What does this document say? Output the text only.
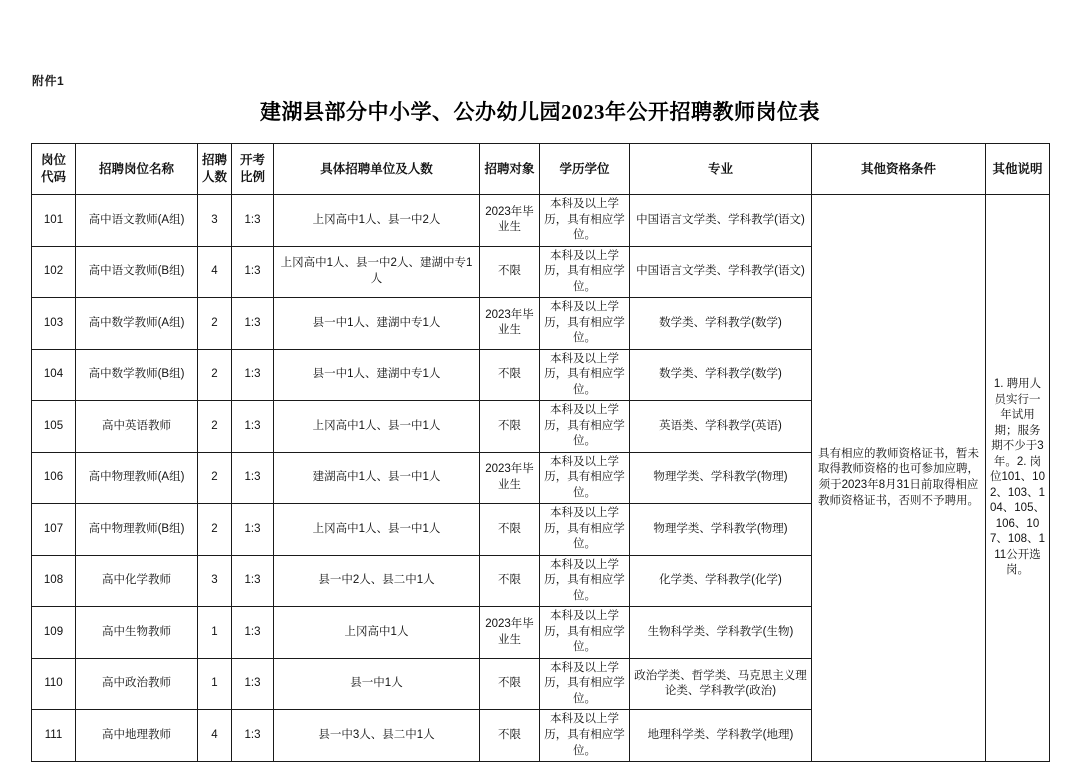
附件1
建湖县部分中小学、公办幼儿园2023年公开招聘教师岗位表
岗位代码	招聘岗位名称	招聘人数	开考比例	具体招聘单位及人数	招聘对象	学历学位	专业	其他资格条件	其他说明
101	高中语文教师(A组)	3	1:3	上冈高中1人、县一中2人	2023年毕业生	本科及以上学历，具有相应学位。	中国语言文学类、学科教学(语文)	具有相应的教师资格证书，暂未取得教师资格的也可参加应聘，须于2023年8月31日前取得相应教师资格证书，否则不予聘用。	1. 聘用人员实行一年试用期；服务期不少于3年。2. 岗位101、102、103、104、105、106、107、108、111公开选岗。
102	高中语文教师(B组)	4	1:3	上冈高中1人、县一中2人、建湖中专1人	不限	本科及以上学历，具有相应学位。	中国语言文学类、学科教学(语文)		
103	高中数学教师(A组)	2	1:3	县一中1人、建湖中专1人	2023年毕业生	本科及以上学历，具有相应学位。	数学类、学科教学(数学)		
104	高中数学教师(B组)	2	1:3	县一中1人、建湖中专1人	不限	本科及以上学历，具有相应学位。	数学类、学科教学(数学)		
105	高中英语教师	2	1:3	上冈高中1人、县一中1人	不限	本科及以上学历，具有相应学位。	英语类、学科教学(英语)		
106	高中物理教师(A组)	2	1:3	建湖高中1人、县一中1人	2023年毕业生	本科及以上学历，具有相应学位。	物理学类、学科教学(物理)		
107	高中物理教师(B组)	2	1:3	上冈高中1人、县一中1人	不限	本科及以上学历，具有相应学位。	物理学类、学科教学(物理)		
108	高中化学教师	3	1:3	县一中2人、县二中1人	不限	本科及以上学历，具有相应学位。	化学类、学科教学(化学)		
109	高中生物教师	1	1:3	上冈高中1人	2023年毕业生	本科及以上学历，具有相应学位。	生物科学类、学科教学(生物)		
110	高中政治教师	1	1:3	县一中1人	不限	本科及以上学历，具有相应学位。	政治学类、哲学类、马克思主义理论类、学科教学(政治)		
111	高中地理教师	4	1:3	县一中3人、县二中1人	不限	本科及以上学历，具有相应学位。	地理科学类、学科教学(地理)		
